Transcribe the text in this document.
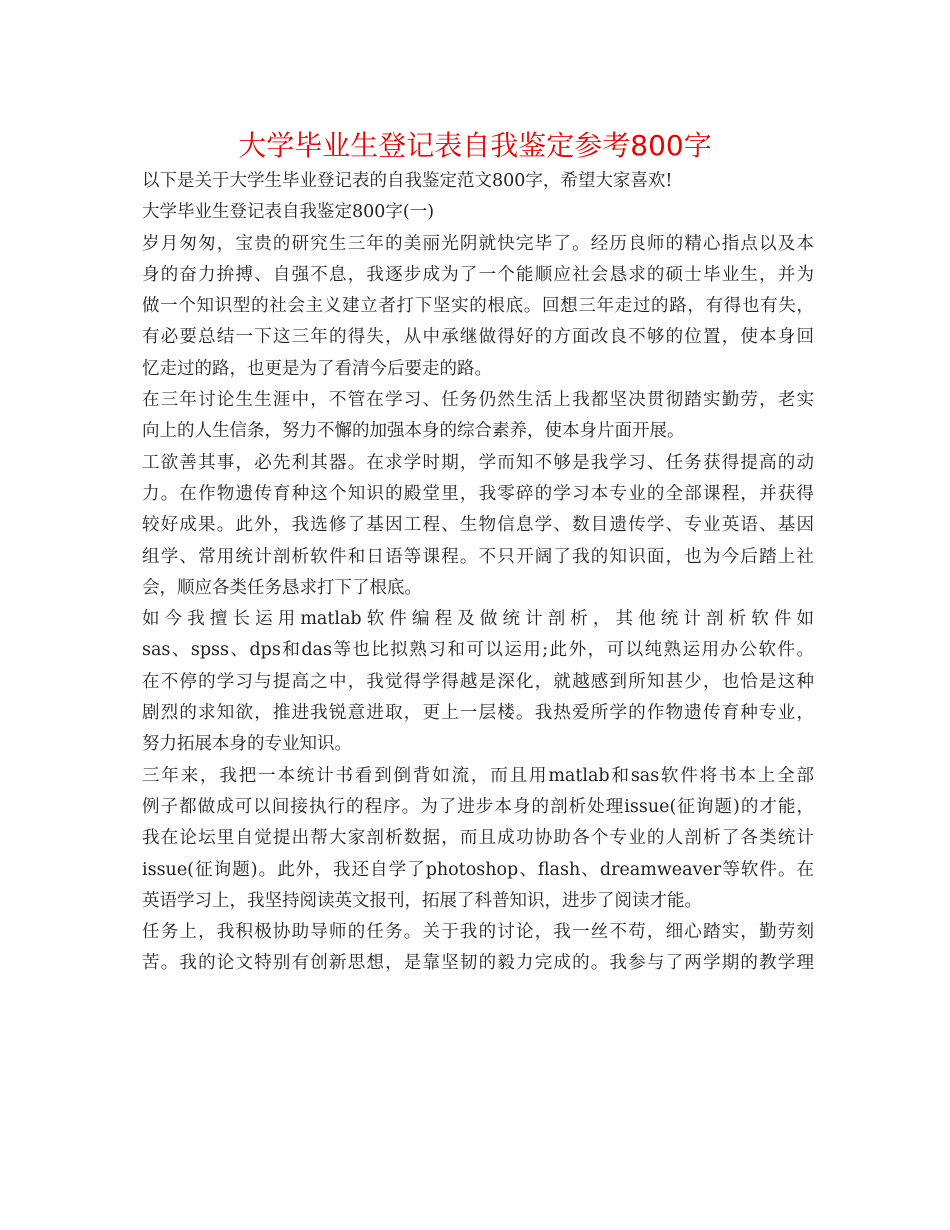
大学毕业生登记表自我鉴定参考800字
以下是关于大学生毕业登记表的自我鉴定范文800字，希望大家喜欢!
大学毕业生登记表自我鉴定800字(一)
岁月匆匆，宝贵的研究生三年的美丽光阴就快完毕了。经历良师的精心指点以及本
身的奋力拚搏、自强不息，我逐步成为了一个能顺应社会恳求的硕士毕业生，并为
做一个知识型的社会主义建立者打下坚实的根底。回想三年走过的路，有得也有失，
有必要总结一下这三年的得失，从中承继做得好的方面改良不够的位置，使本身回
忆走过的路，也更是为了看清今后要走的路。
在三年讨论生生涯中，不管在学习、任务仍然生活上我都坚决贯彻踏实勤劳，老实
向上的人生信条，努力不懈的加强本身的综合素养，使本身片面开展。
工欲善其事，必先利其器。在求学时期，学而知不够是我学习、任务获得提高的动
力。在作物遗传育种这个知识的殿堂里，我零碎的学习本专业的全部课程，并获得
较好成果。此外，我选修了基因工程、生物信息学、数目遗传学、专业英语、基因
组学、常用统计剖析软件和日语等课程。不只开阔了我的知识面，也为今后踏上社
会，顺应各类任务恳求打下了根底。
如今我擅长运用matlab软件编程及做统计剖析，其他统计剖析软件如
sas、spss、dps和das等也比拟熟习和可以运用;此外，可以纯熟运用办公软件。
在不停的学习与提高之中，我觉得学得越是深化，就越感到所知甚少，也恰是这种
剧烈的求知欲，推进我锐意进取，更上一层楼。我热爱所学的作物遗传育种专业，
努力拓展本身的专业知识。
三年来，我把一本统计书看到倒背如流，而且用matlab和sas软件将书本上全部
例子都做成可以间接执行的程序。为了进步本身的剖析处理issue(征询题)的才能，
我在论坛里自觉提出帮大家剖析数据，而且成功协助各个专业的人剖析了各类统计
issue(征询题)。此外，我还自学了photoshop、flash、dreamweaver等软件。在
英语学习上，我坚持阅读英文报刊，拓展了科普知识，进步了阅读才能。
任务上，我积极协助导师的任务。关于我的讨论，我一丝不苟，细心踏实，勤劳刻
苦。我的论文特别有创新思想，是靠坚韧的毅力完成的。我参与了两学期的教学理
